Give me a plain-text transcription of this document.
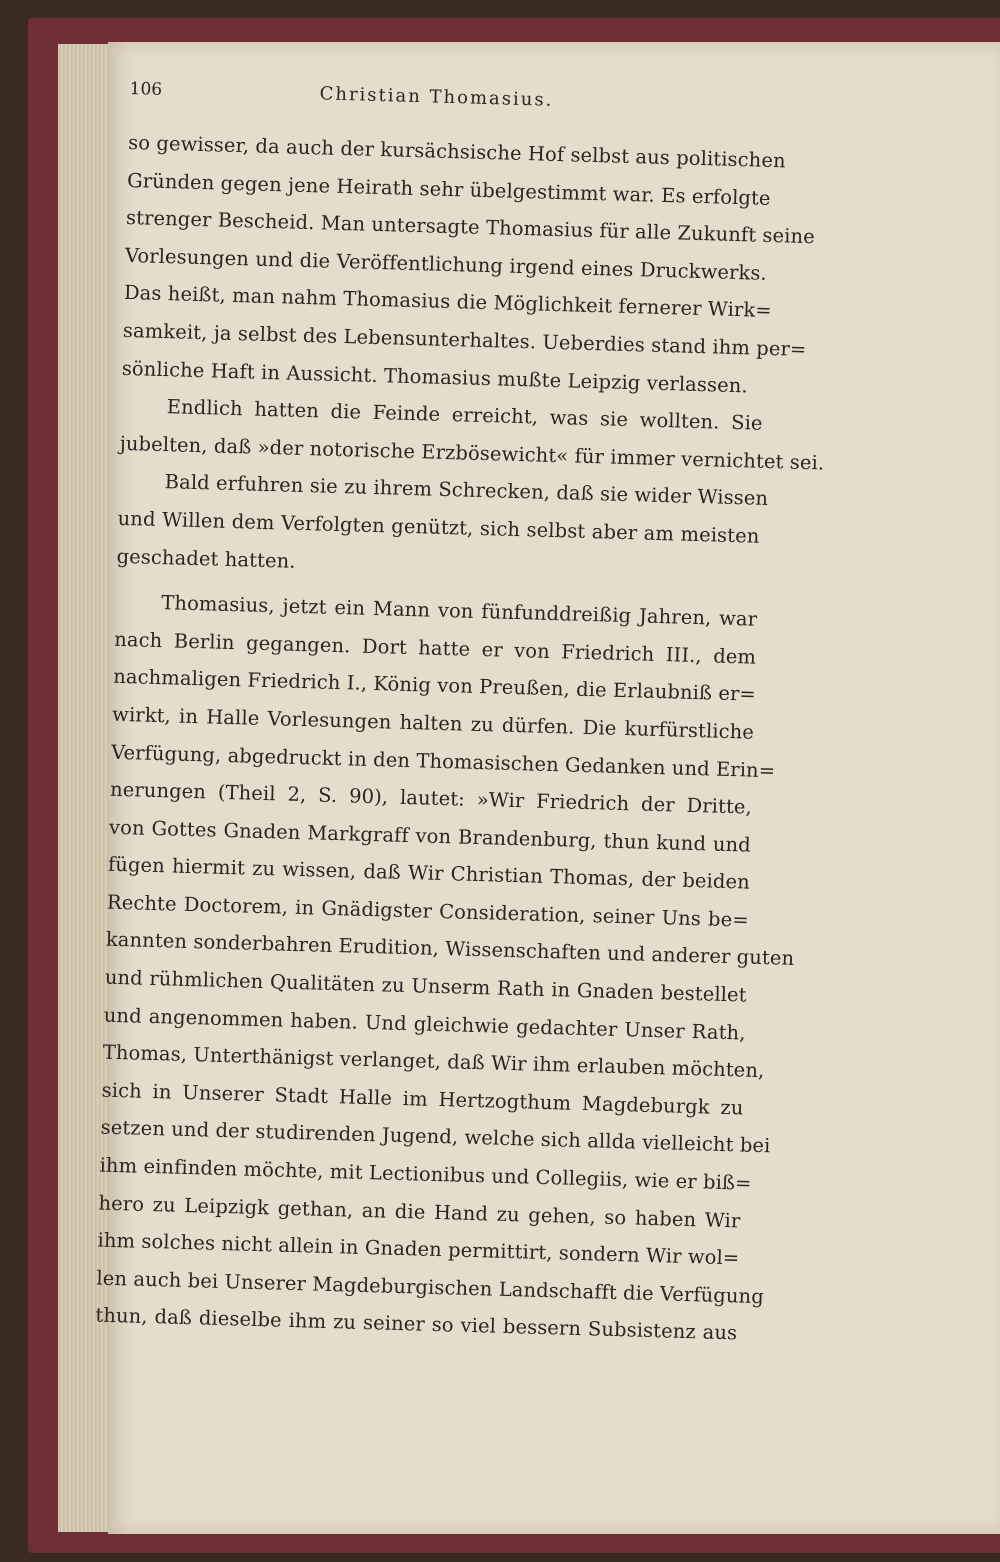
106	Christian Thomasius.
so gewisser, da auch der kursächsische Hof selbst aus politischen
Gründen gegen jene Heirath sehr übelgestimmt war. Es erfolgte
strenger Bescheid. Man untersagte Thomasius für alle Zukunft seine
Vorlesungen und die Veröffentlichung irgend eines Druckwerks.
Das heißt, man nahm Thomasius die Möglichkeit fernerer Wirk=
samkeit, ja selbst des Lebensunterhaltes. Ueberdies stand ihm per=
sönliche Haft in Aussicht. Thomasius mußte Leipzig verlassen.
Endlich hatten die Feinde erreicht, was sie wollten. Sie
jubelten, daß »der notorische Erzbösewicht« für immer vernichtet sei.
Bald erfuhren sie zu ihrem Schrecken, daß sie wider Wissen
und Willen dem Verfolgten genützt, sich selbst aber am meisten
geschadet hatten.
Thomasius, jetzt ein Mann von fünfunddreißig Jahren, war
nach Berlin gegangen. Dort hatte er von Friedrich III., dem
nachmaligen Friedrich I., König von Preußen, die Erlaubniß er=
wirkt, in Halle Vorlesungen halten zu dürfen. Die kurfürstliche
Verfügung, abgedruckt in den Thomasischen Gedanken und Erin=
nerungen (Theil 2, S. 90), lautet: »Wir Friedrich der Dritte,
von Gottes Gnaden Markgraff von Brandenburg, thun kund und
fügen hiermit zu wissen, daß Wir Christian Thomas, der beiden
Rechte Doctorem, in Gnädigster Consideration, seiner Uns be=
kannten sonderbahren Erudition, Wissenschaften und anderer guten
und rühmlichen Qualitäten zu Unserm Rath in Gnaden bestellet
und angenommen haben. Und gleichwie gedachter Unser Rath,
Thomas, Unterthänigst verlanget, daß Wir ihm erlauben möchten,
sich in Unserer Stadt Halle im Hertzogthum Magdeburgk zu
setzen und der studirenden Jugend, welche sich allda vielleicht bei
ihm einfinden möchte, mit Lectionibus und Collegiis, wie er biß=
hero zu Leipzigk gethan, an die Hand zu gehen, so haben Wir
ihm solches nicht allein in Gnaden permittirt, sondern Wir wol=
len auch bei Unserer Magdeburgischen Landschafft die Verfügung
thun, daß dieselbe ihm zu seiner so viel bessern Subsistenz aus
